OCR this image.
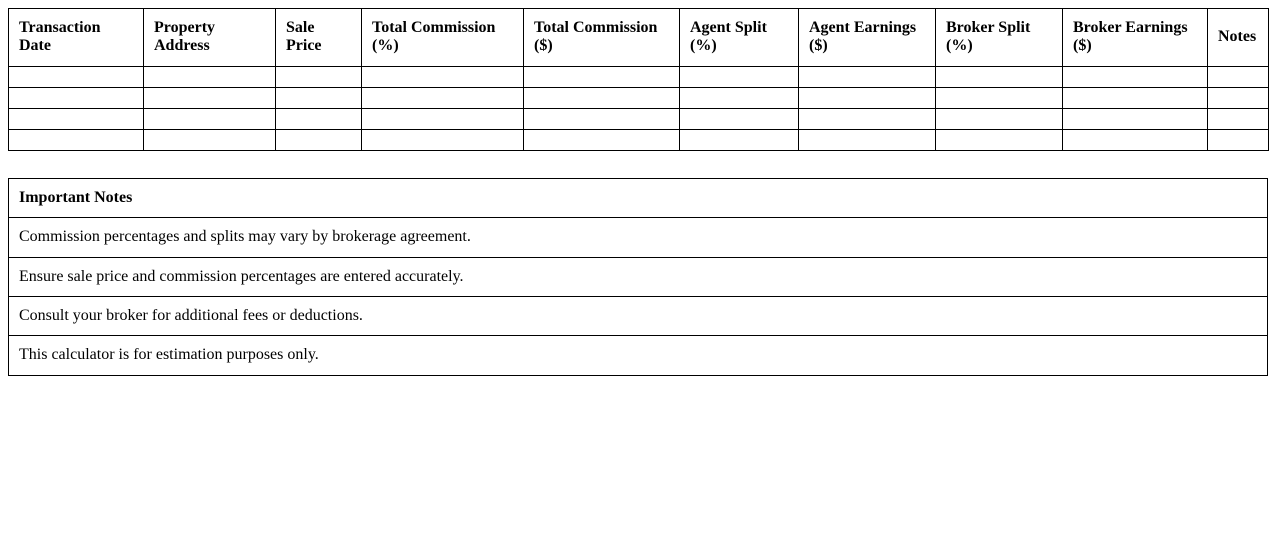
Transaction Date	Property Address	Sale Price	Total Commission (%)	Total Commission ($)	Agent Split (%)	Agent Earnings ($)	Broker Split (%)	Broker Earnings ($)	Notes

Important Notes
Commission percentages and splits may vary by brokerage agreement.
Ensure sale price and commission percentages are entered accurately.
Consult your broker for additional fees or deductions.
This calculator is for estimation purposes only.
